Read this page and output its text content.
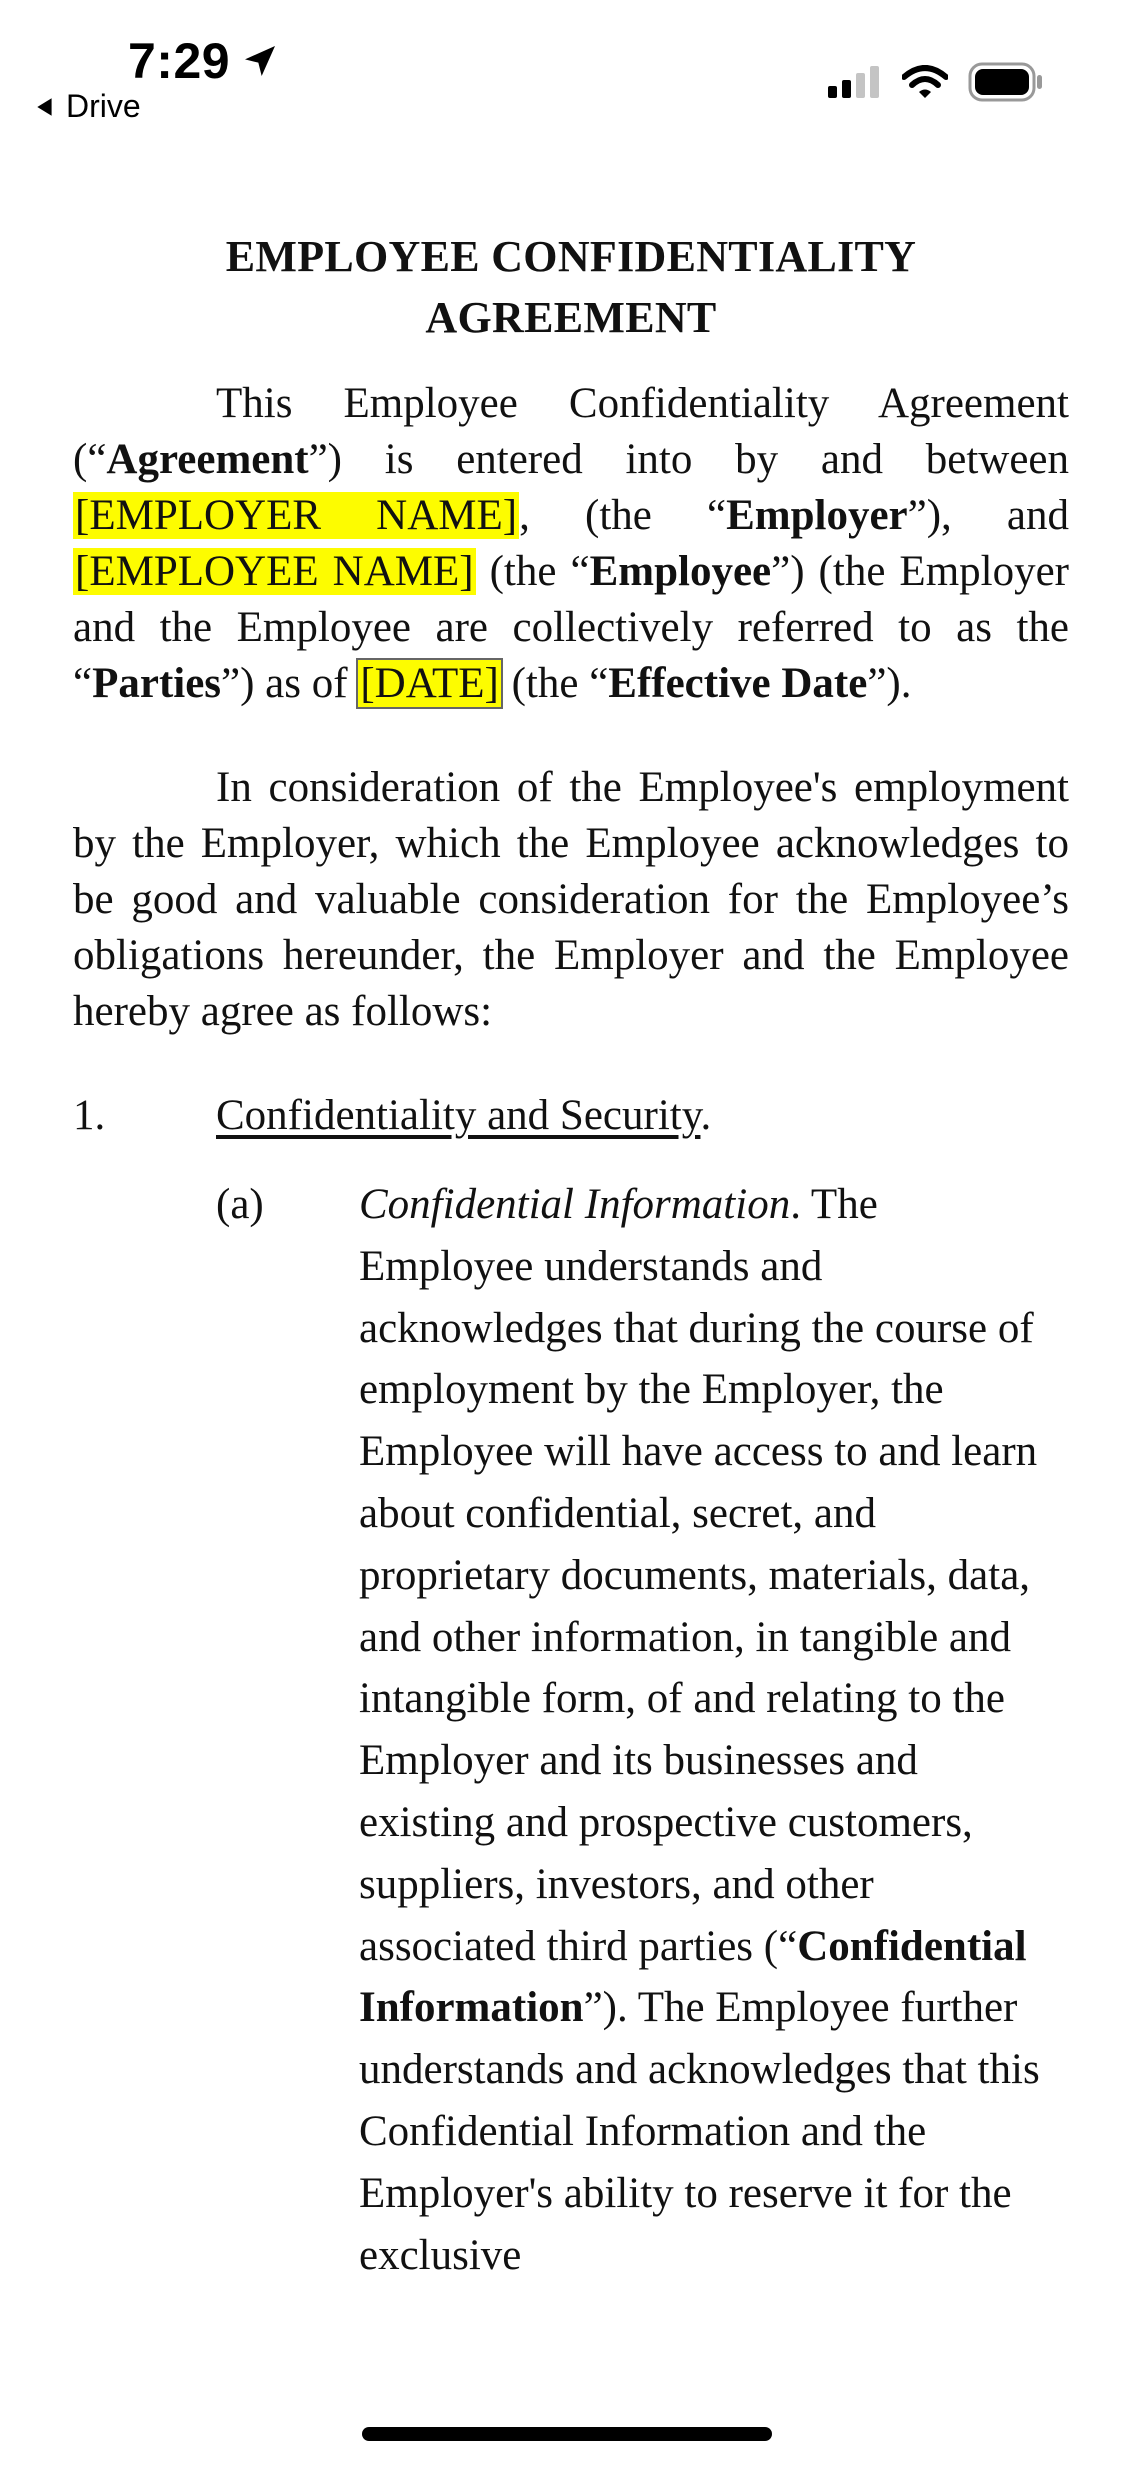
7:29
Drive
EMPLOYEE CONFIDENTIALITY
AGREEMENT

This Employee Confidentiality Agreement (“Agreement”) is entered into by and between [EMPLOYER NAME], (the “Employer”), and [EMPLOYEE NAME] (the “Employee”) (the Employer and the Employee are collectively referred to as the “Parties”) as of [DATE] (the “Effective Date”).

In consideration of the Employee's employment by the Employer, which the Employee acknowledges to be good and valuable consideration for the Employee’s obligations hereunder, the Employer and the Employee hereby agree as follows:

1.	Confidentiality and Security.
(a)	Confidential Information. The Employee understands and acknowledges that during the course of employment by the Employer, the Employee will have access to and learn about confidential, secret, and proprietary documents, materials, data, and other information, in tangible and intangible form, of and relating to the Employer and its businesses and existing and prospective customers, suppliers, investors, and other associated third parties (“Confidential Information”). The Employee further understands and acknowledges that this Confidential Information and the Employer's ability to reserve it for the exclusive
